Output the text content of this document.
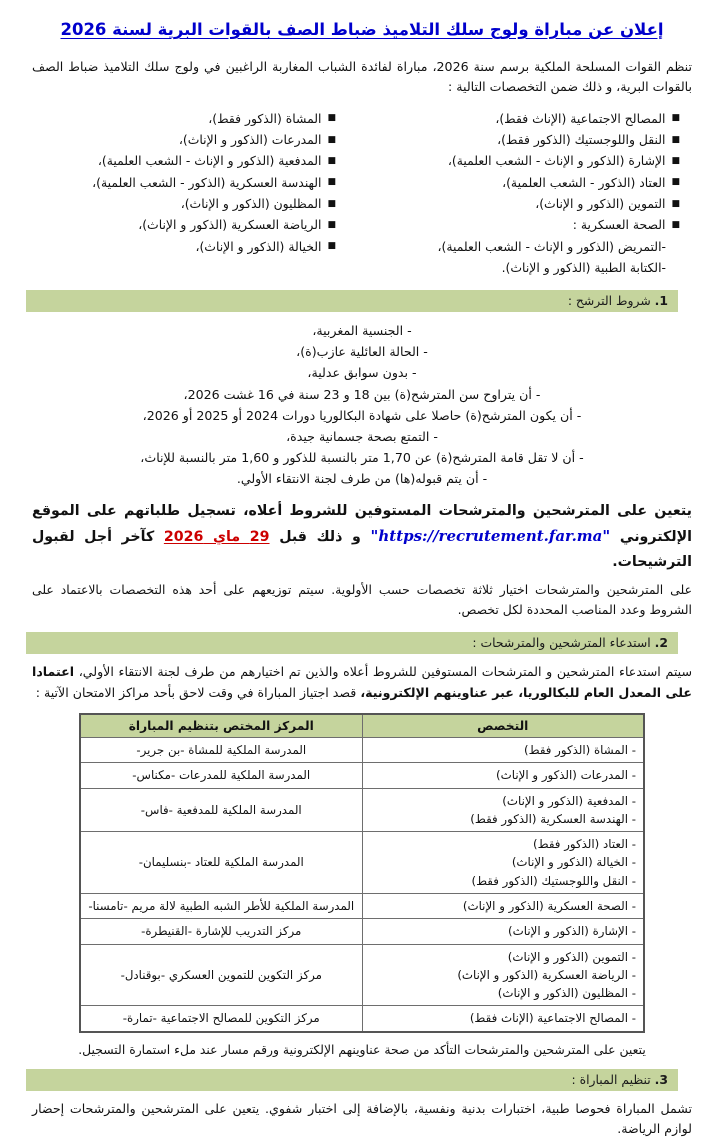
إعلان عن مباراة ولوج سلك التلاميذ ضباط الصف بالقوات البرية لسنة 2026

تنظم القوات المسلحة الملكية برسم سنة 2026، مباراة لفائدة الشباب المغاربة الراغبين في ولوج سلك التلاميذ ضباط الصف بالقوات البرية، و ذلك ضمن التخصصات التالية :

■المصالح الاجتماعية (الإناث فقط)،
■النقل واللوجستيك (الذكور فقط)،
■الإشارة (الذكور و الإناث - الشعب العلمية)،
■العتاد (الذكور - الشعب العلمية)،
■التموين (الذكور و الإناث)،
■الصحة العسكرية :
-التمريض (الذكور و الإناث - الشعب العلمية)،
-الكتابة الطبية (الذكور و الإناث).
■المشاة (الذكور فقط)،
■المدرعات (الذكور و الإناث)،
■المدفعية (الذكور و الإناث - الشعب العلمية)،
■الهندسة العسكرية (الذكور - الشعب العلمية)،
■المظليون (الذكور و الإناث)،
■الرياضة العسكرية (الذكور و الإناث)،
■الخيالة (الذكور و الإناث)،
1. شروط الترشح :
- الجنسية المغربية،
- الحالة العائلية عازب(ة)،
- بدون سوابق عدلية،
- أن يتراوح سن المترشح(ة) بين 18 و 23 سنة في 16 غشت 2026،
- أن يكون المترشح(ة) حاصلا على شهادة البكالوريا دورات 2024 أو 2025 أو 2026،
- التمتع بصحة جسمانية جيدة،
- أن لا تقل قامة المترشح(ة) عن 1,70 متر بالنسبة للذكور و 1,60 متر بالنسبة للإناث،
- أن يتم قبوله(ها) من طرف لجنة الانتقاء الأولي.

يتعين على المترشحين والمترشحات المستوفين للشروط أعلاه، تسجيل طلباتهم على الموقع الإلكتروني "https://recrutement.far.ma" و ذلك قبل 29 ماي 2026 كآخر أجل لقبول الترشيحات.

على المترشحين والمترشحات اختيار ثلاثة تخصصات حسب الأولوية. سيتم توزيعهم على أحد هذه التخصصات بالاعتماد على الشروط وعدد المناصب المحددة لكل تخصص.

2. استدعاء المترشحين والمترشحات :

سيتم استدعاء المترشحين و المترشحات المستوفين للشروط أعلاه والذين تم اختيارهم من طرف لجنة الانتقاء الأولي، اعتمادا على المعدل العام للبكالوريا، عبر عناوينهم الإلكترونية، قصد اجتياز المباراة في وقت لاحق بأحد مراكز الامتحان الآتية :

التخصص	المركز المختص بتنظيم المباراة

- المشاة (الذكور فقط)	المدرسة الملكية للمشاة -بن جرير-

- المدرعات (الذكور و الإناث)	المدرسة الملكية للمدرعات -مكناس-

- المدفعية (الذكور و الإناث)
- الهندسة العسكرية (الذكور فقط)	المدرسة الملكية للمدفعية -فاس-

- العتاد (الذكور فقط)
- الخيالة (الذكور و الإناث)
- النقل واللوجستيك (الذكور فقط)	المدرسة الملكية للعتاد -بنسليمان-

- الصحة العسكرية (الذكور و الإناث)	المدرسة الملكية للأطر الشبه الطبية لالة مريم -تامسنا-

- الإشارة (الذكور و الإناث)	مركز التدريب للإشارة -القنيطرة-

- التموين (الذكور و الإناث)
- الرياضة العسكرية (الذكور و الإناث)
- المظليون (الذكور و الإناث)	مركز التكوين للتموين العسكري -بوقنادل-

- المصالح الاجتماعية (الإناث فقط)	مركز التكوين للمصالح الاجتماعية -تمارة-

يتعين على المترشحين والمترشحات التأكد من صحة عناوينهم الإلكترونية ورقم مسار عند ملء استمارة التسجيل.

3. تنظيم المباراة :

تشمل المباراة فحوصا طبية، اختبارات بدنية ونفسية، بالإضافة إلى اختبار شفوي. يتعين على المترشحين والمترشحات إحضار لوازم الرياضة.
